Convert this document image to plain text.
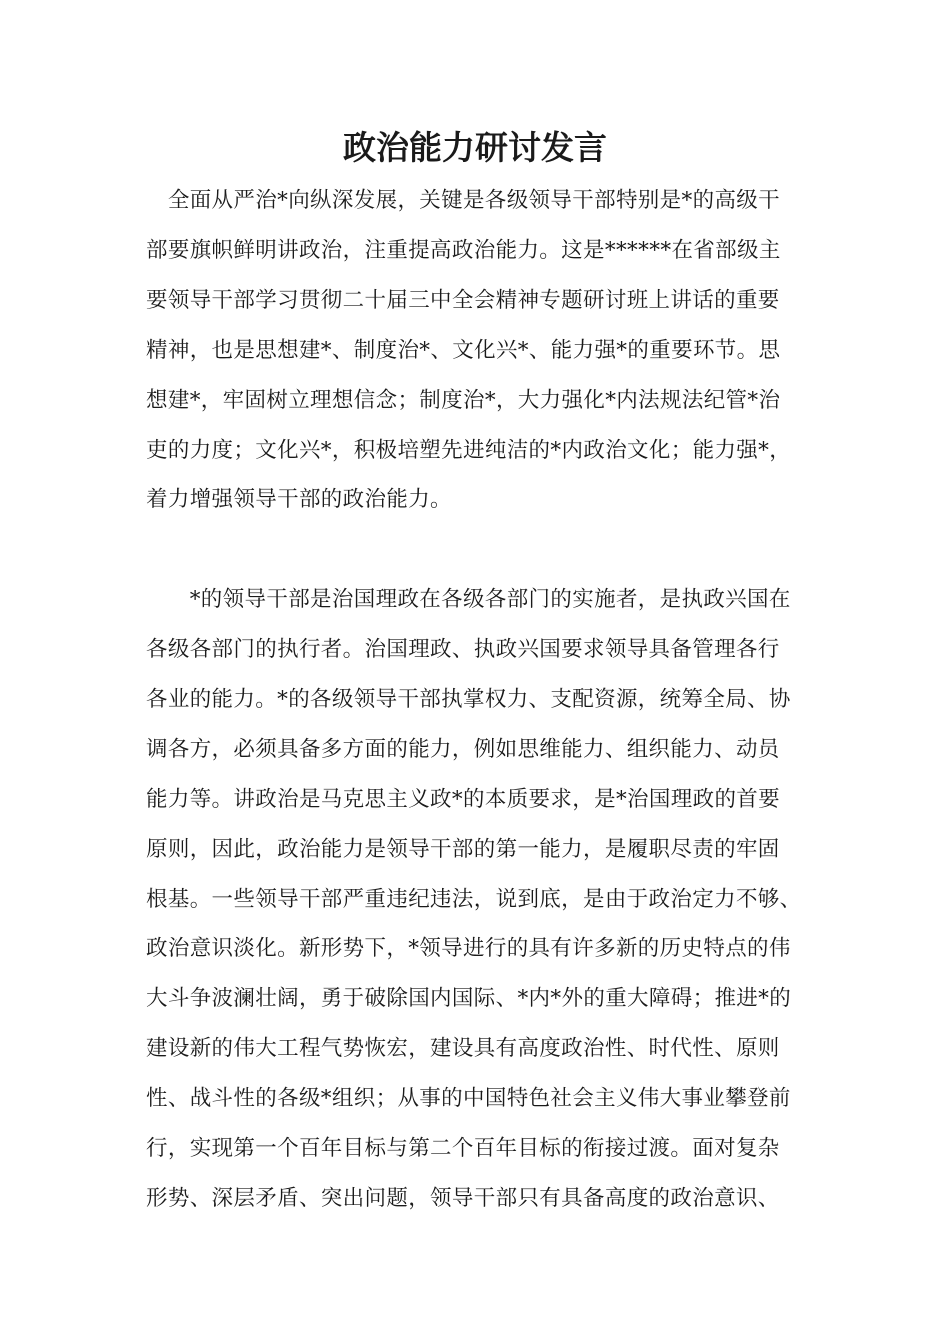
政治能力研讨发言
　全面从严治*向纵深发展，关键是各级领导干部特别是*的高级干
部要旗帜鲜明讲政治，注重提高政治能力。这是******在省部级主
要领导干部学习贯彻二十届三中全会精神专题研讨班上讲话的重要
精神，也是思想建*、制度治*、文化兴*、能力强*的重要环节。思
想建*，牢固树立理想信念；制度治*，大力强化*内法规法纪管*治
吏的力度；文化兴*，积极培塑先进纯洁的*内政治文化；能力强*，
着力增强领导干部的政治能力。
　　*的领导干部是治国理政在各级各部门的实施者，是执政兴国在
各级各部门的执行者。治国理政、执政兴国要求领导具备管理各行
各业的能力。*的各级领导干部执掌权力、支配资源，统筹全局、协
调各方，必须具备多方面的能力，例如思维能力、组织能力、动员
能力等。讲政治是马克思主义政*的本质要求，是*治国理政的首要
原则，因此，政治能力是领导干部的第一能力，是履职尽责的牢固
根基。一些领导干部严重违纪违法，说到底，是由于政治定力不够、
政治意识淡化。新形势下，*领导进行的具有许多新的历史特点的伟
大斗争波澜壮阔，勇于破除国内国际、*内*外的重大障碍；推进*的
建设新的伟大工程气势恢宏，建设具有高度政治性、时代性、原则
性、战斗性的各级*组织；从事的中国特色社会主义伟大事业攀登前
行，实现第一个百年目标与第二个百年目标的衔接过渡。面对复杂
形势、深层矛盾、突出问题，领导干部只有具备高度的政治意识、
